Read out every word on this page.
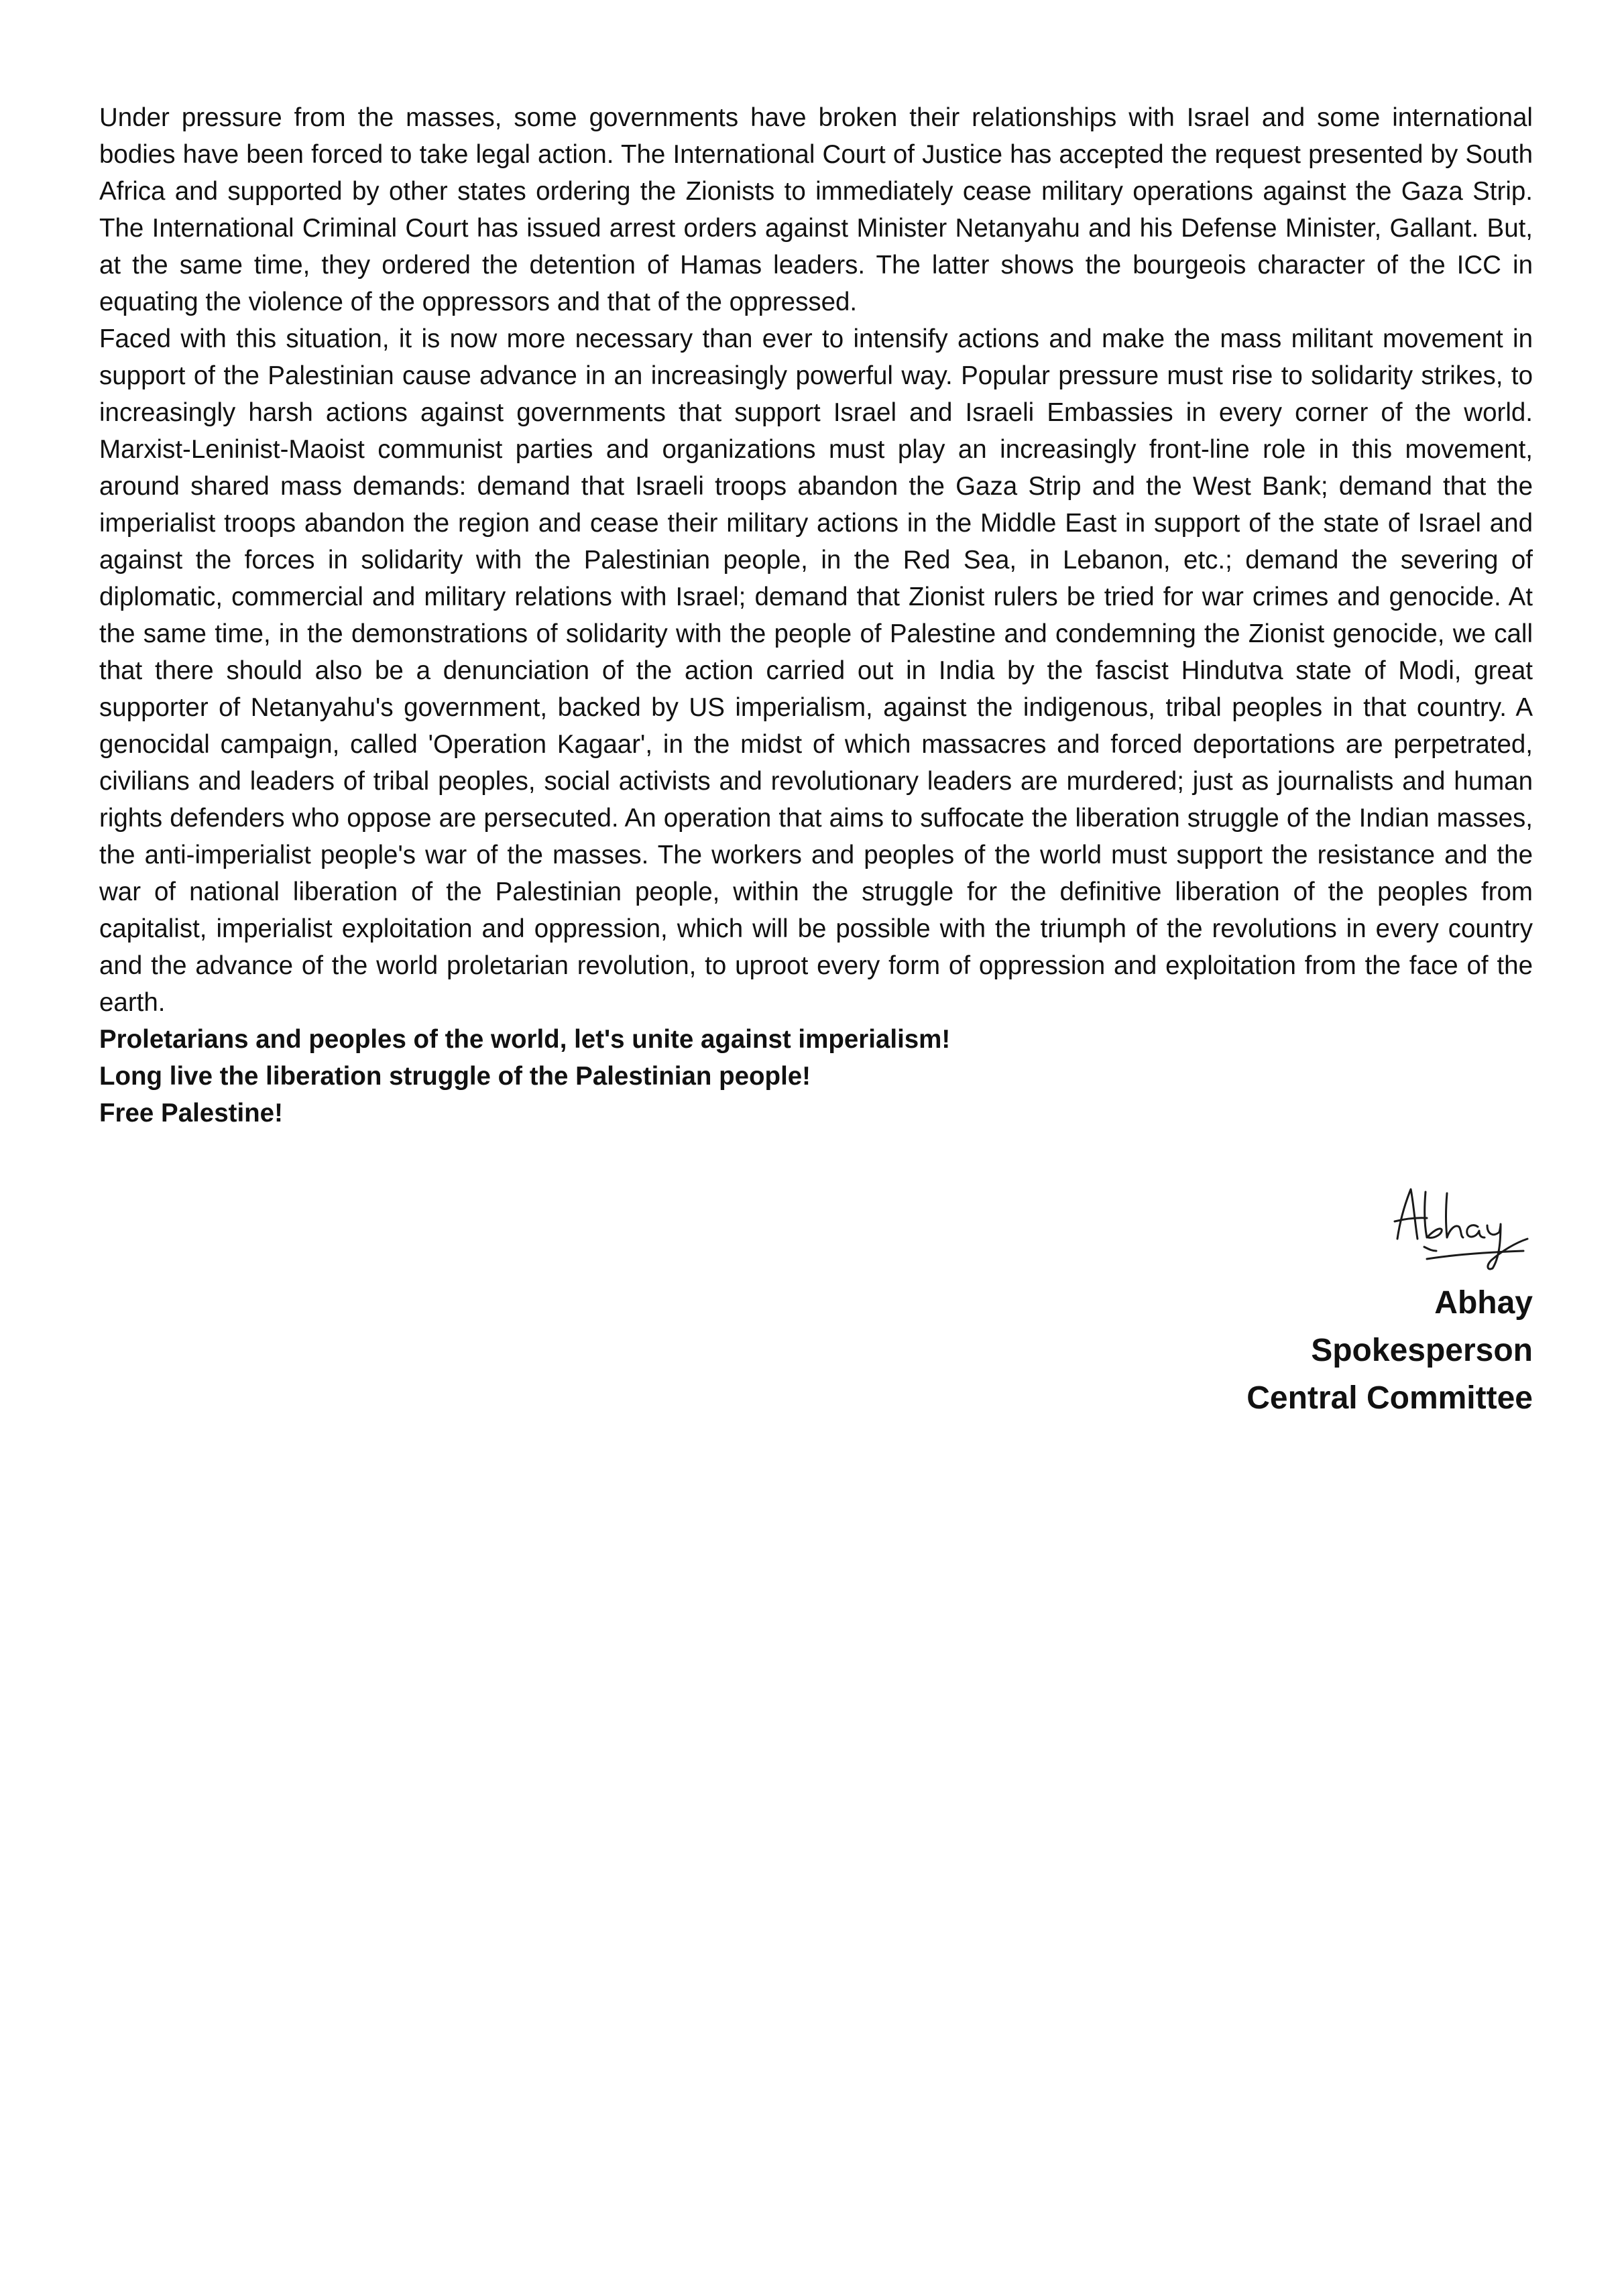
Under pressure from the masses, some governments have broken their relationships with Israel and some international bodies have been forced to take legal action. The International Court of Justice has accepted the request presented by South Africa and supported by other states ordering the Zionists to immediately cease military operations against the Gaza Strip. The International Criminal Court has issued arrest orders against Minister Netanyahu and his Defense Minister, Gallant. But, at the same time, they ordered the detention of Hamas leaders. The latter shows the bourgeois character of the ICC in equating the violence of the oppressors and that of the oppressed.

Faced with this situation, it is now more necessary than ever to intensify actions and make the mass militant movement in support of the Palestinian cause advance in an increasingly powerful way. Popular pressure must rise to solidarity strikes, to increasingly harsh actions against governments that support Israel and Israeli Embassies in every corner of the world. Marxist-Leninist-Maoist communist parties and organizations must play an increasingly front-line role in this movement, around shared mass demands: demand that Israeli troops abandon the Gaza Strip and the West Bank; demand that the imperialist troops abandon the region and cease their military actions in the Middle East in support of the state of Israel and against the forces in solidarity with the Palestinian people, in the Red Sea, in Lebanon, etc.; demand the severing of diplomatic, commercial and military relations with Israel; demand that Zionist rulers be tried for war crimes and genocide. At the same time, in the demonstrations of solidarity with the people of Palestine and condemning the Zionist genocide, we call that there should also be a denunciation of the action carried out in India by the fascist Hindutva state of Modi, great supporter of Netanyahu's government, backed by US imperialism, against the indigenous, tribal peoples in that country. A genocidal campaign, called 'Operation Kagaar', in the midst of which massacres and forced deportations are perpetrated, civilians and leaders of tribal peoples, social activists and revolutionary leaders are murdered; just as journalists and human rights defenders who oppose are persecuted. An operation that aims to suffocate the liberation struggle of the Indian masses, the anti-imperialist people's war of the masses. The workers and peoples of the world must support the resistance and the war of national liberation of the Palestinian people, within the struggle for the definitive liberation of the peoples from capitalist, imperialist exploitation and oppression, which will be possible with the triumph of the revolutions in every country and the advance of the world proletarian revolution, to uproot every form of oppression and exploitation from the face of the earth.

Proletarians and peoples of the world, let's unite against imperialism!

Long live the liberation struggle of the Palestinian people!

Free Palestine!

Abhay

Spokesperson

Central Committee
